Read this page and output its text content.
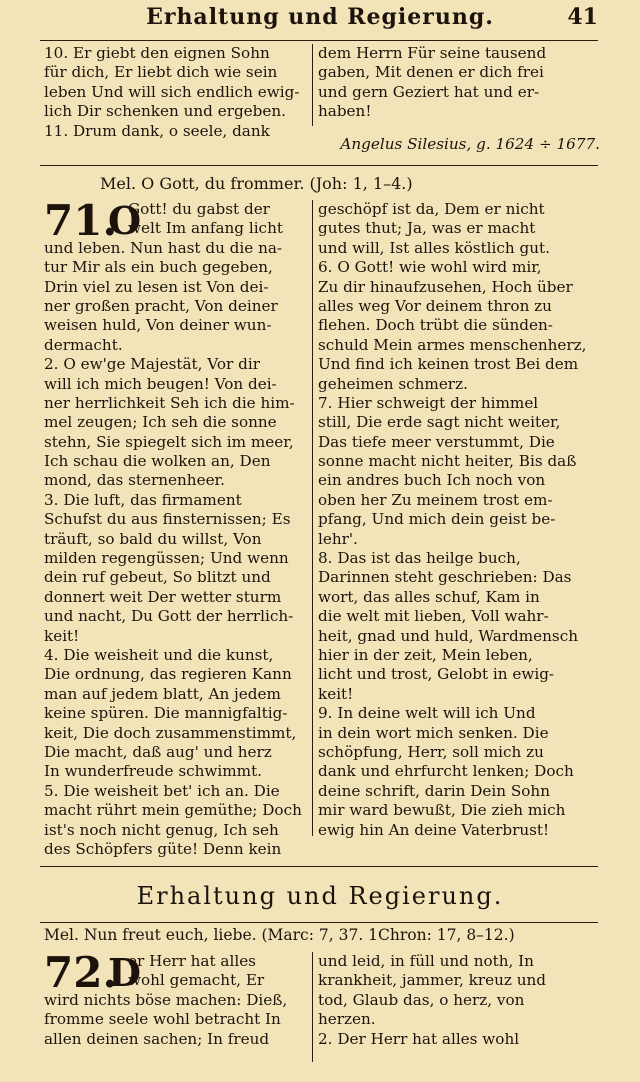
Erhaltung und Regierung.	41
10. Er giebt den eignen Sohn
für dich, Er liebt dich wie sein
leben Und will sich endlich ewig-
lich Dir schenken und ergeben.
11. Drum dank, o seele, dank
dem Herrn Für seine tausend
gaben, Mit denen er dich frei
und gern Geziert hat und er-
haben!
Angelus Silesius, g. 1624 ÷ 1677.
Mel. O Gott, du frommer. (Joh: 1, 1–4.)
71.
O
Gott! du gabst der
welt Im anfang licht
und leben. Nun hast du die na-
tur Mir als ein buch gegeben,
Drin viel zu lesen ist Von dei-
ner großen pracht, Von deiner
weisen huld, Von deiner wun-
dermacht.
2. O ew'ge Majestät, Vor dir
will ich mich beugen! Von dei-
ner herrlichkeit Seh ich die him-
mel zeugen; Ich seh die sonne
stehn, Sie spiegelt sich im meer,
Ich schau die wolken an, Den
mond, das sternenheer.
3. Die luft, das firmament
Schufst du aus finsternissen; Es
träuft, so bald du willst, Von
milden regengüssen; Und wenn
dein ruf gebeut, So blitzt und
donnert weit Der wetter sturm
und nacht, Du Gott der herrlich-
keit!
4. Die weisheit und die kunst,
Die ordnung, das regieren Kann
man auf jedem blatt, An jedem
keine spüren. Die mannigfaltig-
keit, Die doch zusammenstimmt,
Die macht, daß aug' und herz
In wunderfreude schwimmt.
5. Die weisheit bet' ich an. Die
macht rührt mein gemüthe; Doch
ist's noch nicht genug, Ich seh
des Schöpfers güte! Denn kein
geschöpf ist da, Dem er nicht
gutes thut; Ja, was er macht
und will, Ist alles köstlich gut.
6. O Gott! wie wohl wird mir,
Zu dir hinaufzusehen, Hoch über
alles weg Vor deinem thron zu
flehen. Doch trübt die sünden-
schuld Mein armes menschenherz,
Und find ich keinen trost Bei dem
geheimen schmerz.
7. Hier schweigt der himmel
still, Die erde sagt nicht weiter,
Das tiefe meer verstummt, Die
sonne macht nicht heiter, Bis daß
ein andres buch Ich noch von
oben her Zu meinem trost em-
pfang, Und mich dein geist be-
lehr'.
8. Das ist das heilge buch,
Darinnen steht geschrieben: Das
wort, das alles schuf, Kam in
die welt mit lieben, Voll wahr-
heit, gnad und huld, Wardmensch
hier in der zeit, Mein leben,
licht und trost, Gelobt in ewig-
keit!
9. In deine welt will ich Und
in dein wort mich senken. Die
schöpfung, Herr, soll mich zu
dank und ehrfurcht lenken; Doch
deine schrift, darin Dein Sohn
mir ward bewußt, Die zieh mich
ewig hin An deine Vaterbrust!
Erhaltung und Regierung.
Mel. Nun freut euch, liebe. (Marc: 7, 37. 1Chron: 17, 8–12.)
72.
D
er Herr hat alles
wohl gemacht, Er
wird nichts böse machen: Dieß,
fromme seele wohl betracht In
allen deinen sachen; In freud
und leid, in füll und noth, In
krankheit, jammer, kreuz und
tod, Glaub das, o herz, von
herzen.
2. Der Herr hat alles wohl
